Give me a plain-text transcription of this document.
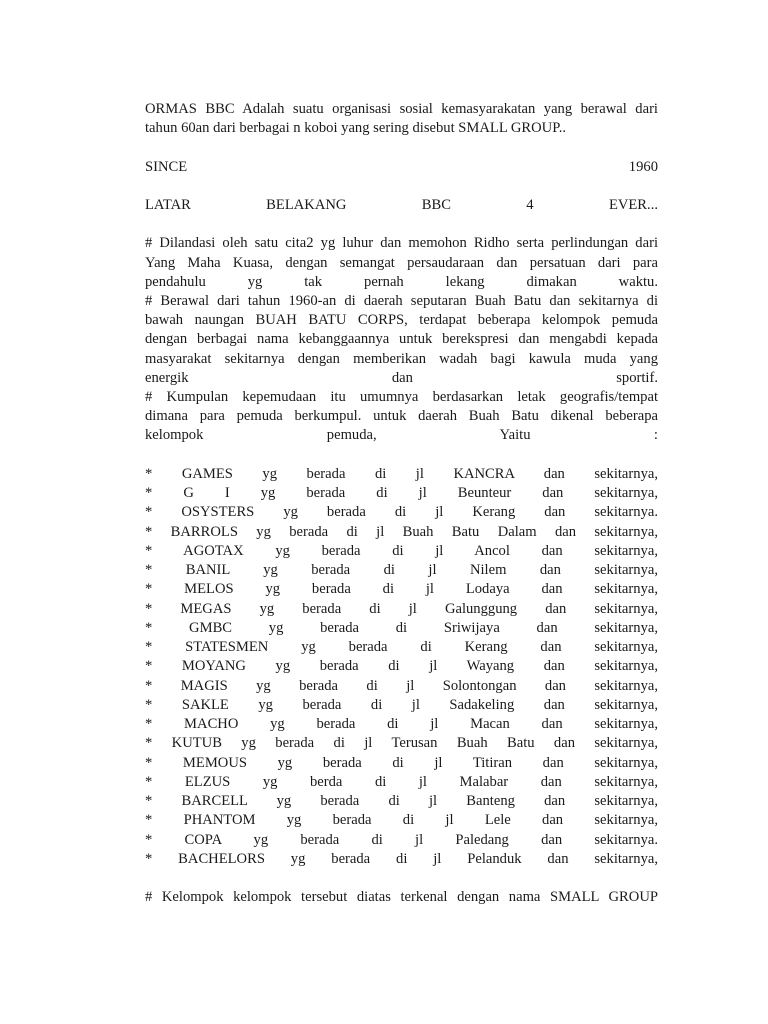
ORMAS BBC Adalah suatu organisasi sosial kemasyarakatan yang berawal dari

tahun 60an dari berbagai n koboi yang sering disebut SMALL GROUP..

SINCE 1960

LATAR BELAKANG BBC 4 EVER...

# Dilandasi oleh satu cita2 yg luhur dan memohon Ridho serta perlindungan dari

Yang Maha Kuasa, dengan semangat persaudaraan dan persatuan dari para

pendahulu yg tak pernah lekang dimakan waktu.

# Berawal dari tahun 1960-an di daerah seputaran Buah Batu dan sekitarnya di

bawah naungan BUAH BATU CORPS, terdapat beberapa kelompok pemuda

dengan berbagai nama kebanggaannya untuk berekspresi dan mengabdi kepada

masyarakat sekitarnya dengan memberikan wadah bagi kawula muda yang

energik dan sportif.

# Kumpulan kepemudaan itu umumnya berdasarkan letak geografis/tempat

dimana para pemuda berkumpul. untuk daerah Buah Batu dikenal beberapa

kelompok pemuda, Yaitu :

* GAMES yg berada di jl KANCRA dan sekitarnya,

* G I yg berada di jl Beunteur dan sekitarnya,

* OSYSTERS yg berada di jl Kerang dan sekitarnya.

* BARROLS yg berada di jl Buah Batu Dalam dan sekitarnya,

* AGOTAX yg berada di jl Ancol dan sekitarnya,

* BANIL yg berada di jl Nilem dan sekitarnya,

* MELOS yg berada di jl Lodaya dan sekitarnya,

* MEGAS yg berada di jl Galunggung dan sekitarnya,

* GMBC yg berada di Sriwijaya dan sekitarnya,

* STATESMEN yg berada di Kerang dan sekitarnya,

* MOYANG yg berada di jl Wayang dan sekitarnya,

* MAGIS yg berada di jl Solontongan dan sekitarnya,

* SAKLE yg berada di jl Sadakeling dan sekitarnya,

* MACHO yg berada di jl Macan dan sekitarnya,

* KUTUB yg berada di jl Terusan Buah Batu dan sekitarnya,

* MEMOUS yg berada di jl Titiran dan sekitarnya,

* ELZUS yg berda di jl Malabar dan sekitarnya,

* BARCELL yg berada di jl Banteng dan sekitarnya,

* PHANTOM yg berada di jl Lele dan sekitarnya,

* COPA yg berada di jl Paledang dan sekitarnya.

* BACHELORS yg berada di jl Pelanduk dan sekitarnya,

# Kelompok kelompok tersebut diatas terkenal dengan nama SMALL GROUP
